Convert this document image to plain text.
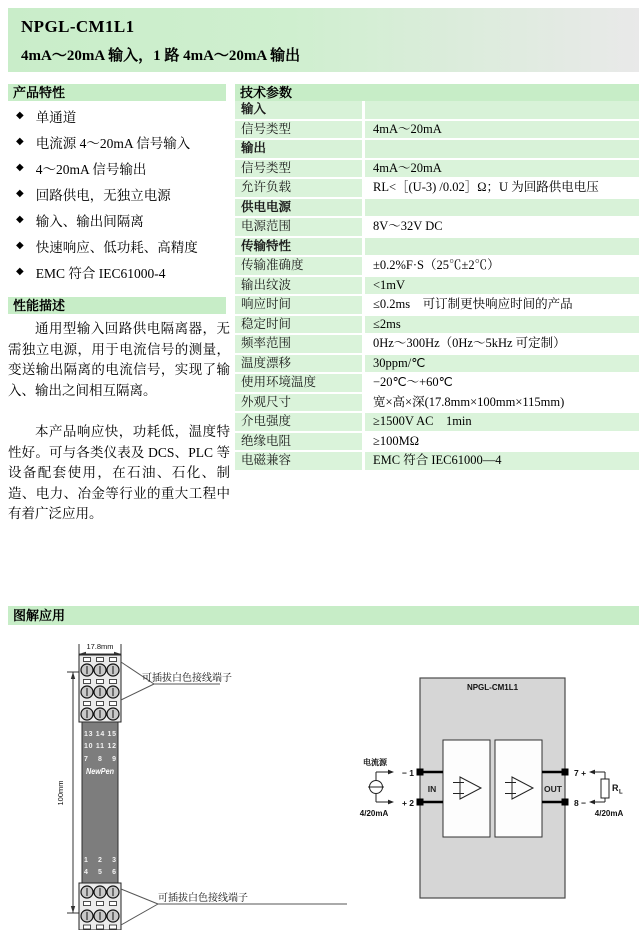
NPGL-CM1L1
4mA～20mA 输入，1 路 4mA～20mA 输出
产品特性	技术参数
性能描述
图解应用
◆ 单通道
◆ 电流源 4～20mA 信号输入
◆ 4～20mA 信号输出
◆ 回路供电，无独立电源
◆ 输入、输出间隔离
◆ 快速响应、低功耗、高精度
◆ EMC 符合 IEC61000-4

通用型输入回路供电隔离器，无需独立电源，用于电流信号的测量，变送输出隔离的电流信号，实现了输入、输出之间相互隔离。

本产品响应快，功耗低，温度特性好。可与各类仪表及 DCS、PLC 等设备配套使用，在石油、石化、制造、电力、冶金等行业的重大工程中有着广泛应用。

输入	
信号类型	4mA～20mA
输出	
信号类型	4mA～20mA
允许负载	RL<［(U-3) /0.02］Ω；U 为回路供电电压
供电电源	
电源范围	8V～32V DC
传输特性	
传输准确度	±0.2%F·S（25℃±2℃）
输出纹波	<1mV
响应时间	≤0.2ms　可订制更快响应时间的产品
稳定时间	≤2ms
频率范围	0Hz～300Hz（0Hz～5kHz 可定制）
温度漂移	30ppm/℃
使用环境温度	−20℃～+60℃
外观尺寸	宽×高×深(17.8mm×100mm×115mm)
介电强度	≥1500V AC　1min
绝缘电阻	≥100MΩ
电磁兼容	EMC 符合 IEC61000—4
17.8mm
100mm
13 14 15
10 11 12
7 8 9
1 2 3
4 5 6
NewPen
可插拔白色接线端子
可插拔白色接线端子
NPGL-CM1L1
IN	OUT
− 1
+ 2
7 +
8 −
电流源
4/20mA
R L
4/20mA
